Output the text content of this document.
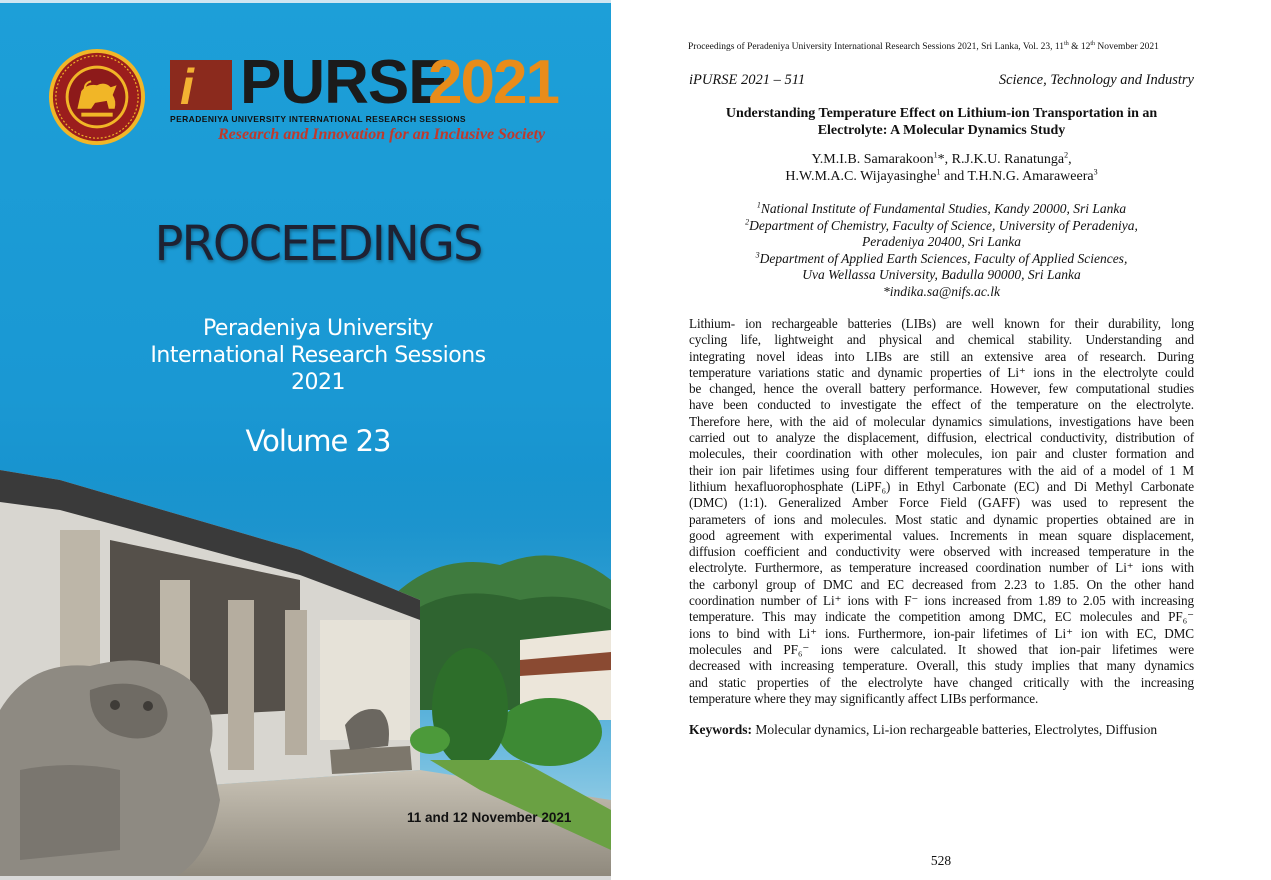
i PURSE
2021
PERADENIYA UNIVERSITY INTERNATIONAL RESEARCH SESSIONS
Research and Innovation for an Inclusive Society
PROCEEDINGS
Peradeniya University
International Research Sessions
2021
Volume 23
11 and 12 November 2021
Proceedings of Peradeniya University International Research Sessions 2021, Sri Lanka, Vol. 23, 11th & 12th November 2021
iPURSE 2021 – 511	Science, Technology and Industry
Understanding Temperature Effect on Lithium-ion Transportation in an
Electrolyte: A Molecular Dynamics Study
Y.M.I.B. Samarakoon$^1$*, R.J.K.U. Ranatunga$^2$,
H.W.M.A.C. Wijayasinghe$^1$ and T.H.N.G. Amaraweera$^3$
$^1$National Institute of Fundamental Studies, Kandy 20000, Sri Lanka
$^2$Department of Chemistry, Faculty of Science, University of Peradeniya,
Peradeniya 20400, Sri Lanka
$^3$Department of Applied Earth Sciences, Faculty of Applied Sciences,
Uva Wellassa University, Badulla 90000, Sri Lanka
*indika.sa@nifs.ac.lk
Lithium- ion rechargeable batteries (LIBs) are well known for their durability, long
cycling life, lightweight and physical and chemical stability. Understanding and
integrating novel ideas into LIBs are still an extensive area of research. During
temperature variations static and dynamic properties of Li⁺ ions in the electrolyte could
be changed, hence the overall battery performance. However, few computational studies
have been conducted to investigate the effect of the temperature on the electrolyte.
Therefore here, with the aid of molecular dynamics simulations, investigations have been
carried out to analyze the displacement, diffusion, electrical conductivity, distribution of
molecules, their coordination with other molecules, ion pair and cluster formation and
their ion pair lifetimes using four different temperatures with the aid of a model of 1 M
lithium hexafluorophosphate (LiPF₆) in Ethyl Carbonate (EC) and Di Methyl Carbonate
(DMC) (1:1). Generalized Amber Force Field (GAFF) was used to represent the
parameters of ions and molecules. Most static and dynamic properties obtained are in
good agreement with experimental values. Increments in mean square displacement,
diffusion coefficient and conductivity were observed with increased temperature in the
electrolyte. Furthermore, as temperature increased coordination number of Li⁺ ions with
the carbonyl group of DMC and EC decreased from 2.23 to 1.85. On the other hand
coordination number of Li⁺ ions with F⁻ ions increased from 1.89 to 2.05 with increasing
temperature. This may indicate the competition among DMC, EC molecules and PF₆⁻
ions to bind with Li⁺ ions. Furthermore, ion-pair lifetimes of Li⁺ ion with EC, DMC
molecules and PF₆⁻ ions were calculated. It showed that ion-pair lifetimes were
decreased with increasing temperature. Overall, this study implies that many dynamics
and static properties of the electrolyte have changed critically with the increasing
temperature where they may significantly affect LIBs performance.
Keywords: Molecular dynamics, Li-ion rechargeable batteries, Electrolytes, Diffusion
528
